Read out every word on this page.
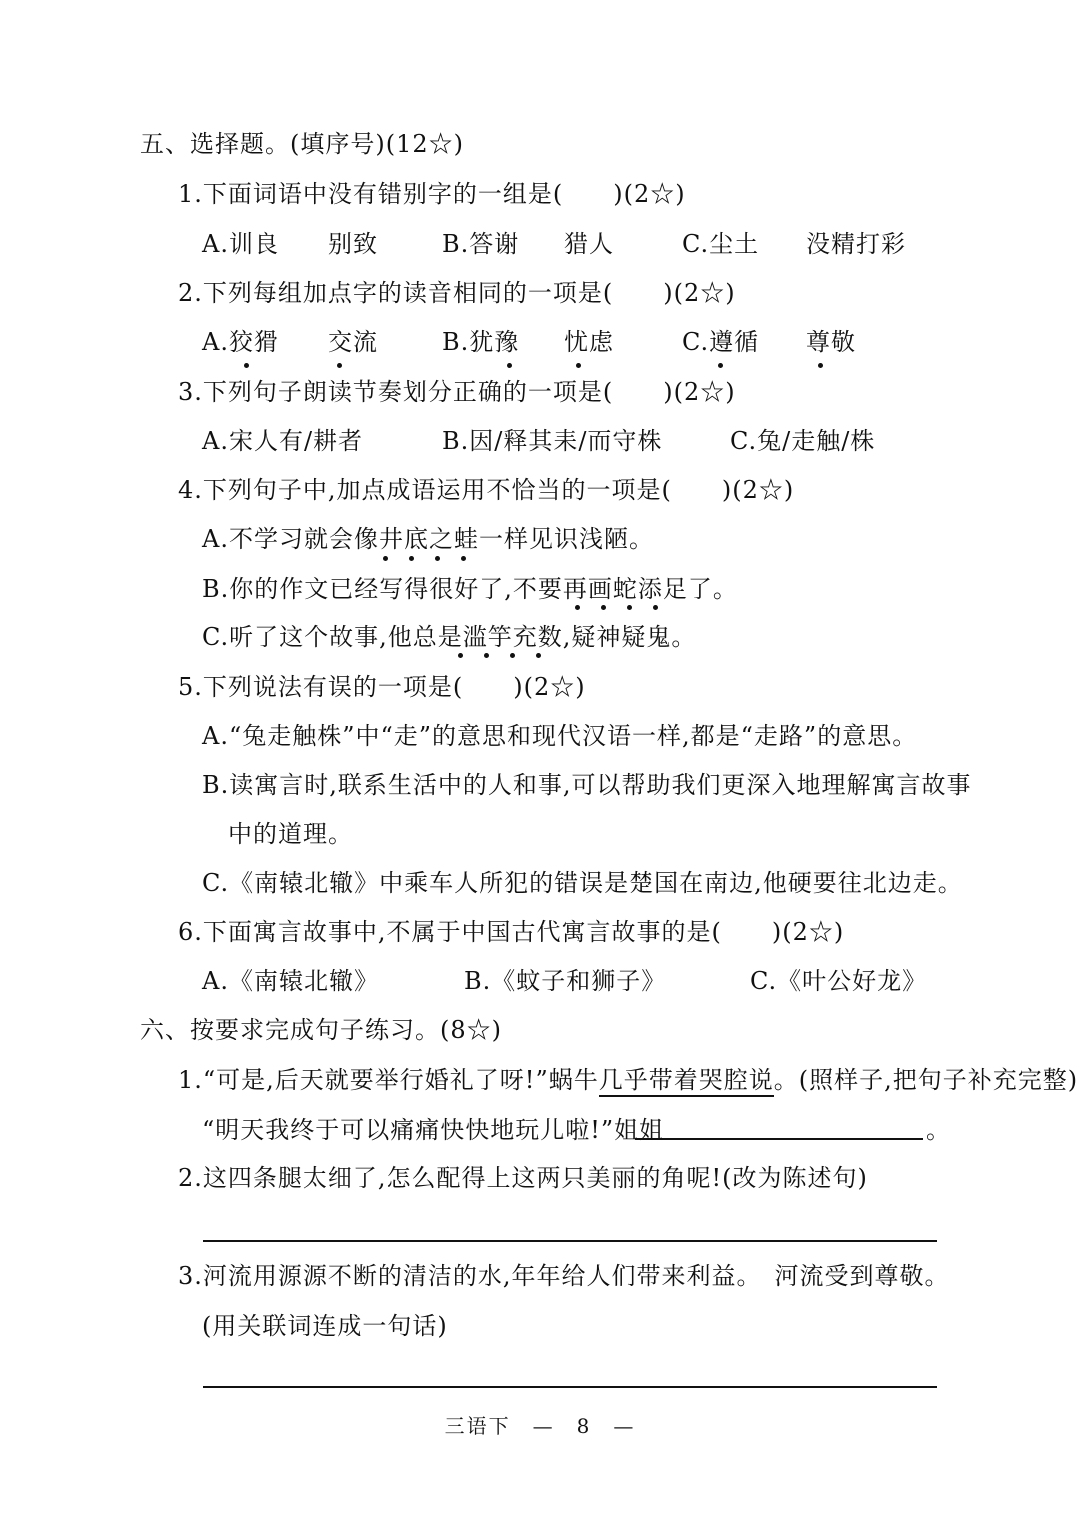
五、选择题。(填序号)(12☆)
1.下面词语中没有错别字的一组是(　　)(2☆)
A.训良 别致	B.答谢 猎人	C.尘土 没精打彩
2.下列每组加点字的读音相同的一项是(　　)(2☆)
A.狡猾 交流	B.犹豫 忧虑	C.遵循 尊敬
3.下列句子朗读节奏划分正确的一项是(　　)(2☆)
A.宋人有/耕者	B.因/释其耒/而守株	C.兔/走触/株
4.下列句子中,加点成语运用不恰当的一项是(　　)(2☆)
A.不学习就会像井底之蛙一样见识浅陋。
B.你的作文已经写得很好了,不要再画蛇添足了。
C.听了这个故事,他总是滥竽充数,疑神疑鬼。
5.下列说法有误的一项是(　　)(2☆)
A.“兔走触株”中“走”的意思和现代汉语一样,都是“走路”的意思。
B.读寓言时,联系生活中的人和事,可以帮助我们更深入地理解寓言故事
中的道理。
C.《南辕北辙》中乘车人所犯的错误是楚国在南边,他硬要往北边走。
6.下面寓言故事中,不属于中国古代寓言故事的是(　　)(2☆)
A.《南辕北辙》	B.《蚊子和狮子》	C.《叶公好龙》
六、按要求完成句子练习。(8☆)
1.“可是,后天就要举行婚礼了呀!”蜗牛几乎带着哭腔说。(照样子,把句子补充完整)
“明天我终于可以痛痛快快地玩儿啦!”姐姐	。
2.这四条腿太细了,怎么配得上这两只美丽的角呢!(改为陈述句)
3.河流用源源不断的清洁的水,年年给人们带来利益。　河流受到尊敬。
(用关联词连成一句话)
三语下　—　8　—
